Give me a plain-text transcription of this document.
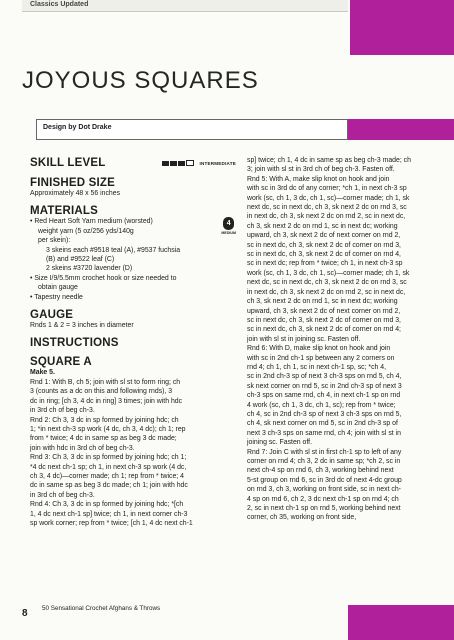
Classics Updated
JOYOUS SQUARES
Design by Dot Drake
SKILL LEVEL	INTERMEDIATE
FINISHED SIZE

Approximately 48 x 56 inches

MATERIALS

• Red Heart Soft Yarn medium (worsted)

weight yarn (5 oz/256 yds/140g

per skein):

3 skeins each #9518 teal (A), #9537 fuchsia

(B) and #9522 leaf (C)

2 skeins #3720 lavender (D)

• Size I/9/5.5mm crochet hook or size needed to

obtain gauge

• Tapestry needle

4
MEDIUM
GAUGE

Rnds 1 & 2 = 3 inches in diameter

INSTRUCTIONS
SQUARE A

Make 5.

Rnd 1: With B, ch 5; join with sl st to form ring; ch

3 (counts as a dc on this and following rnds), 3

dc in ring; [ch 3, 4 dc in ring] 3 times; join with hdc

in 3rd ch of beg ch-3.

Rnd 2: Ch 3, 3 dc in sp formed by joining hdc; ch

1; *in next ch-3 sp work (4 dc, ch 3, 4 dc); ch 1; rep

from * twice; 4 dc in same sp as beg 3 dc made;

join with hdc in 3rd ch of beg ch-3.

Rnd 3: Ch 3, 3 dc in sp formed by joining hdc; ch 1;

*4 dc next ch-1 sp; ch 1, in next ch-3 sp work (4 dc,

ch 3, 4 dc)—corner made; ch 1; rep from * twice; 4

dc in same sp as beg 3 dc made; ch 1; join with hdc

in 3rd ch of beg ch-3.

Rnd 4: Ch 3, 3 dc in sp formed by joining hdc; *[ch

1, 4 dc next ch-1 sp] twice; ch 1, in next corner ch-3

sp work corner; rep from * twice; [ch 1, 4 dc next ch-1

sp] twice; ch 1, 4 dc in same sp as beg ch-3 made; ch

3; join with sl st in 3rd ch of beg ch-3. Fasten off.

Rnd 5: With A, make slip knot on hook and join

with sc in 3rd dc of any corner; *ch 1, in next ch-3 sp

work (sc, ch 1, 3 dc, ch 1, sc)—corner made; ch 1, sk

next dc, sc in next dc, ch 3, sk next 2 dc on rnd 3, sc

in next dc, ch 3, sk next 2 dc on rnd 2, sc in next dc,

ch 3, sk next 2 dc on rnd 1, sc in next dc; working

upward, ch 3, sk next 2 dc of next corner on rnd 2,

sc in next dc, ch 3, sk next 2 dc of corner on rnd 3,

sc in next dc, ch 3, sk next 2 dc of corner on rnd 4,

sc in next dc; rep from * twice; ch 1, in next ch-3 sp

work (sc, ch 1, 3 dc, ch 1, sc)—corner made; ch 1, sk

next dc, sc in next dc, ch 3, sk next 2 dc on rnd 3, sc

in next dc, ch 3, sk next 2 dc on rnd 2, sc in next dc,

ch 3, sk next 2 dc on rnd 1, sc in next dc; working

upward, ch 3, sk next 2 dc of next corner on rnd 2,

sc in next dc, ch 3, sk next 2 dc of corner on rnd 3,

sc in next dc, ch 3, sk next 2 dc of corner on rnd 4;

join with sl st in joining sc. Fasten off.

Rnd 6: With D, make slip knot on hook and join

with sc in 2nd ch-1 sp between any 2 corners on

rnd 4; ch 1, ch 1, sc in next ch-1 sp, sc; *ch 4,

sc in 2nd ch-3 sp of next 3 ch-3 sps on rnd 5, ch 4,

sk next corner on rnd 5, sc in 2nd ch-3 sp of next 3

ch-3 sps on same rnd, ch 4, in next ch-1 sp on rnd

4 work (sc, ch 1, 3 dc, ch 1, sc); rep from * twice;

ch 4, sc in 2nd ch-3 sp of next 3 ch-3 sps on rnd 5,

ch 4, sk next corner on rnd 5, sc in 2nd ch-3 sp of

next 3 ch-3 sps on same rnd, ch 4; join with sl st in

joining sc. Fasten off.

Rnd 7: Join C with sl st in first ch-1 sp to left of any

corner on rnd 4; ch 3, 2 dc in same sp; *ch 2, sc in

next ch-4 sp on rnd 6, ch 3, working behind next

5-st group on rnd 6, sc in 3rd dc of next 4-dc group

on rnd 3, ch 3, working on front side, sc in next ch-

4 sp on rnd 6, ch 2, 3 dc next ch-1 sp on rnd 4; ch

2, sc in next ch-1 sp on rnd 5, working behind next

corner, ch 35, working on front side,

8 50 Sensational Crochet Afghans & Throws
